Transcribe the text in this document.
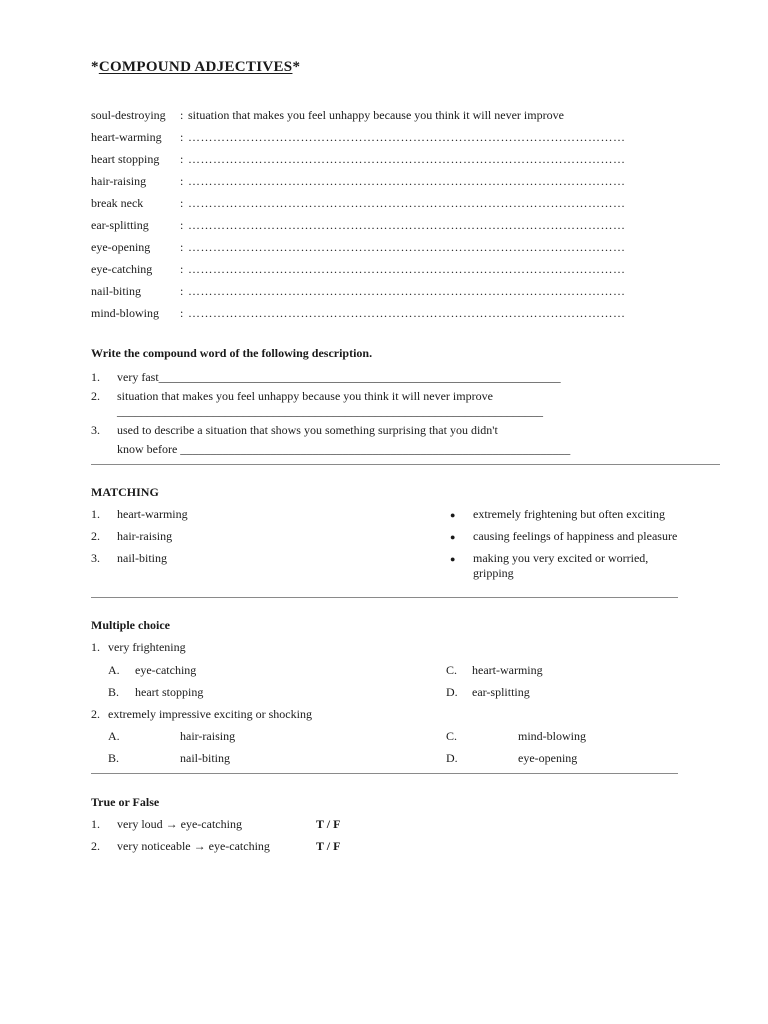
*COMPOUND ADJECTIVES*
soul-destroying : situation that makes you feel unhappy because you think it will never improve
heart-warming : ……………………………………………………………………………………………
heart stopping : ……………………………………………………………………………………………
hair-raising	: ……………………………………………………………………………………………
break neck	: ……………………………………………………………………………………………
ear-splitting	: ……………………………………………………………………………………………
eye-opening : ……………………………………………………………………………………………
eye-catching : ……………………………………………………………………………………………
nail-biting	: ……………………………………………………………………………………………
mind-blowing : ……………………………………………………………………………………………
Write the compound word of the following description.
1. very fast___________________________________________________________________
2. situation that makes you feel unhappy because you think it will never improve
_______________________________________________________________________
3. used to describe a situation that shows you something surprising that you didn't
know before _________________________________________________________________
MATCHING
1. heart-warming
2. hair-raising
3. nail-biting
● extremely frightening but often exciting
● causing feelings of happiness and pleasure
● making you very excited or worried,
gripping
Multiple choice
1. very frightening
A. eye-catching
B. heart stopping
C. heart-warming
D. ear-splitting
2. extremely impressive exciting or shocking
A.	hair-raising
B.	nail-biting
C.	mind-blowing
D.	eye-opening
True or False
1. very loud → eye-catching	T / F
2. very noticeable → eye-catching	T / F
